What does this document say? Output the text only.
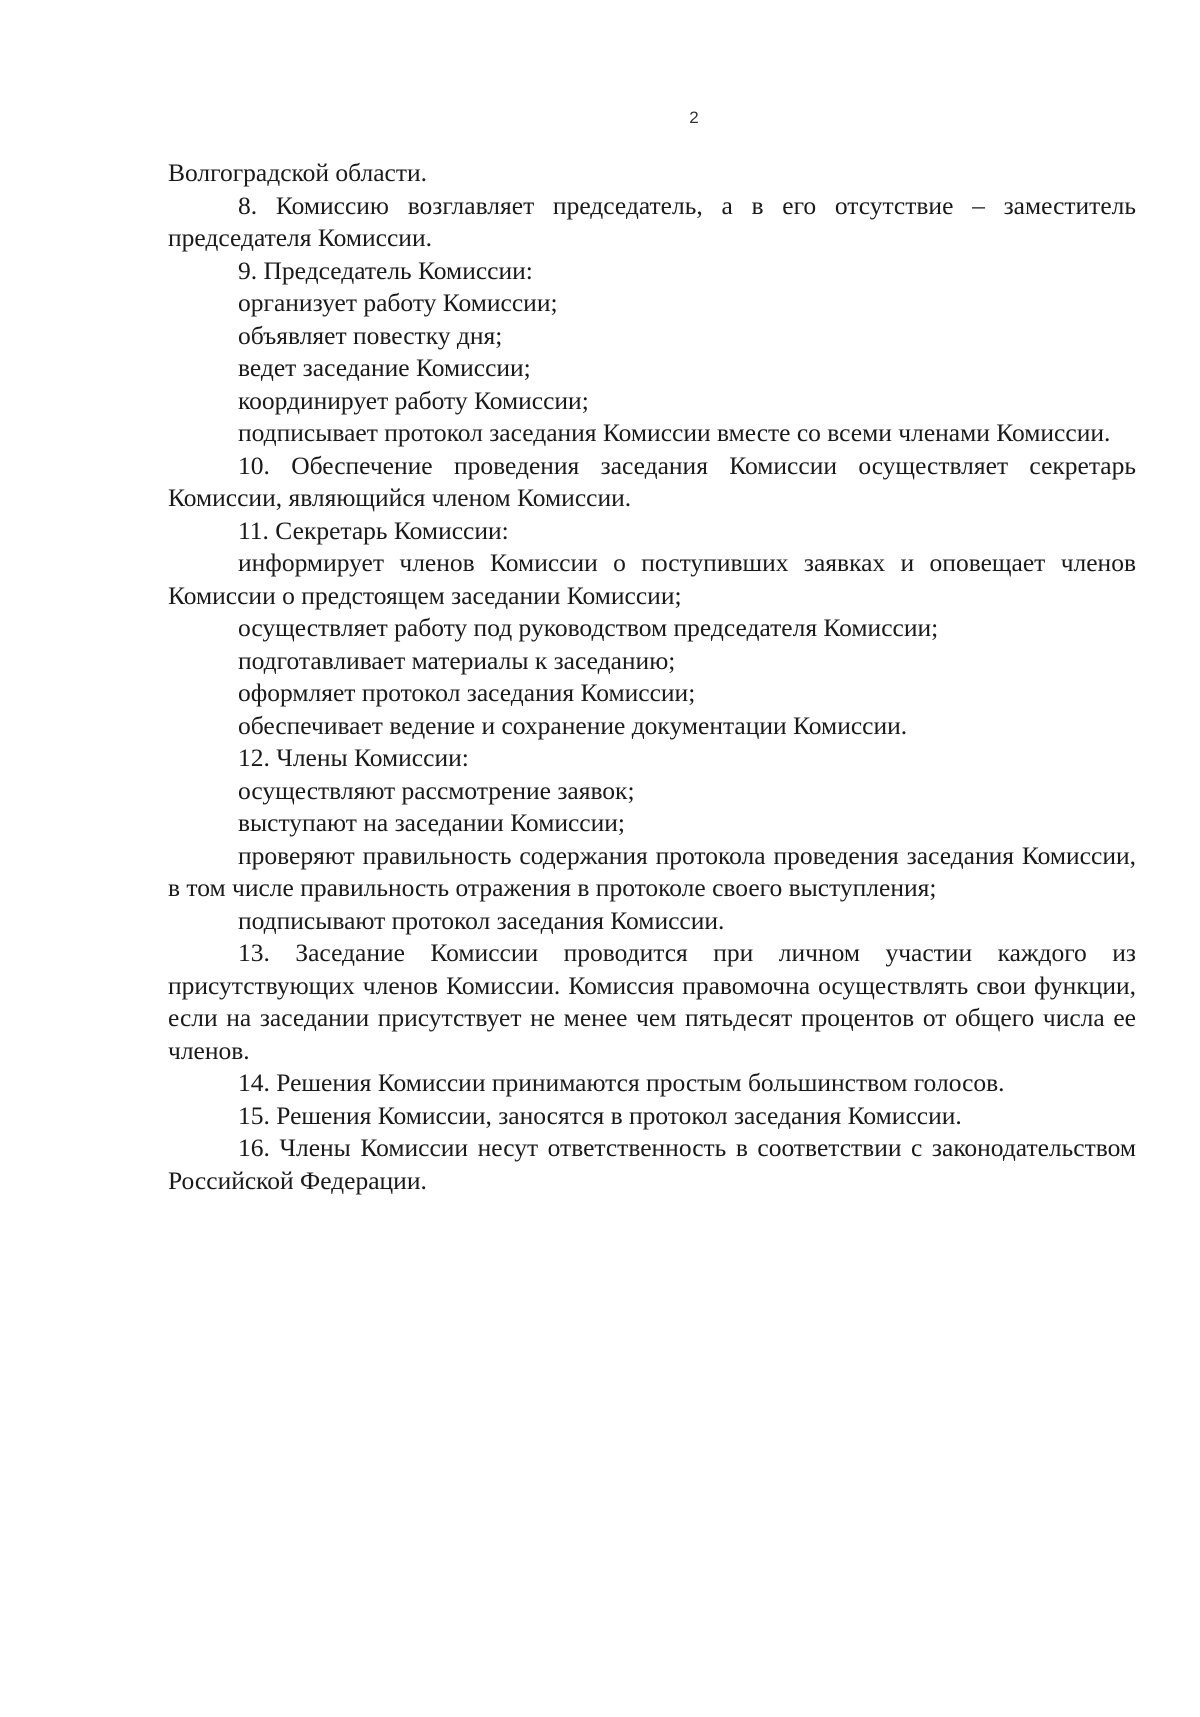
2

Волгоградской области.

8. Комиссию возглавляет председатель, а в его отсутствие – заместитель председателя Комиссии.

9. Председатель Комиссии:

организует работу Комиссии;

объявляет повестку дня;

ведет заседание Комиссии;

координирует работу Комиссии;

подписывает протокол заседания Комиссии вместе со всеми членами Комиссии.

10. Обеспечение проведения заседания Комиссии осуществляет секретарь Комиссии, являющийся членом Комиссии.

11. Секретарь Комиссии:

информирует членов Комиссии о поступивших заявках и оповещает членов Комиссии о предстоящем заседании Комиссии;

осуществляет работу под руководством председателя Комиссии;

подготавливает материалы к заседанию;

оформляет протокол заседания Комиссии;

обеспечивает ведение и сохранение документации Комиссии.

12. Члены Комиссии:

осуществляют рассмотрение заявок;

выступают на заседании Комиссии;

проверяют правильность содержания протокола проведения заседания Комиссии, в том числе правильность отражения в протоколе своего выступления;

подписывают протокол заседания Комиссии.

13. Заседание Комиссии проводится при личном участии каждого из присутствующих членов Комиссии. Комиссия правомочна осуществлять свои функции, если на заседании присутствует не менее чем пятьдесят процентов от общего числа ее членов.

14. Решения Комиссии принимаются простым большинством голосов.

15. Решения Комиссии, заносятся в протокол заседания Комиссии.

16. Члены Комиссии несут ответственность в соответствии с законодательством Российской Федерации.
